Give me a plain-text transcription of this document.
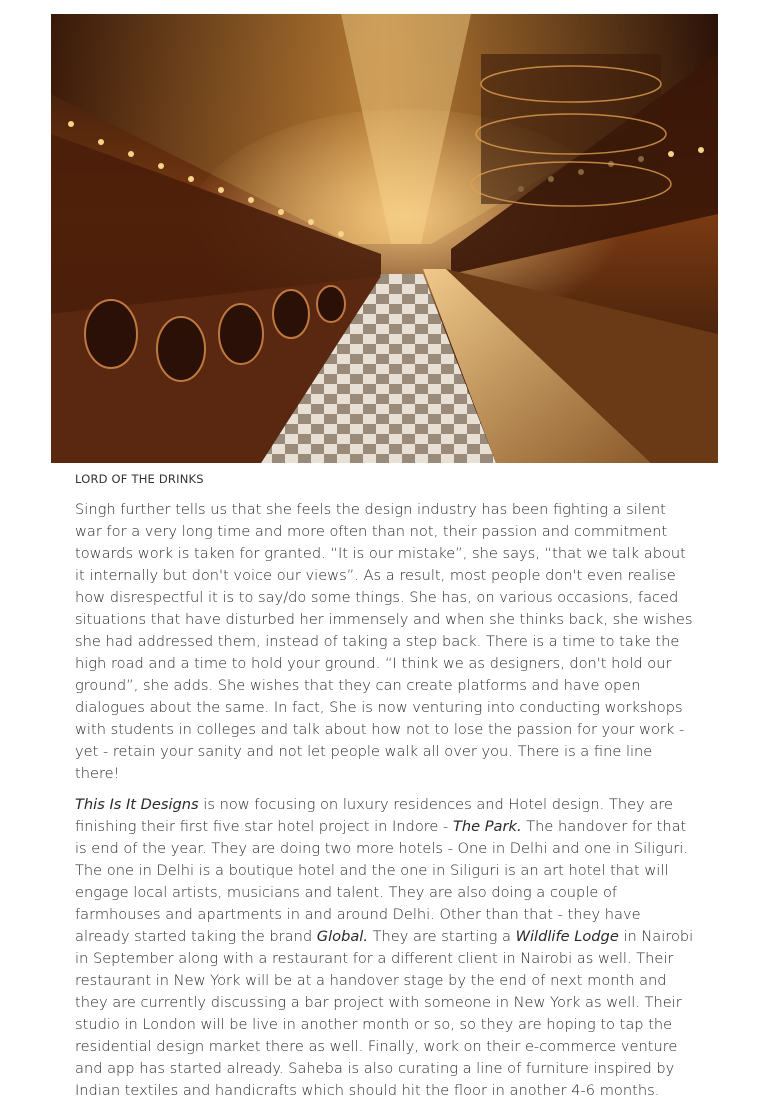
LORD OF THE DRINKS

Singh further tells us that she feels the design industry has been fighting a silent war for a very long time and more often than not, their passion and commitment towards work is taken for granted. “It is our mistake”, she says, “that we talk about it internally but don't voice our views”. As a result, most people don't even realise how disrespectful it is to say/do some things. She has, on various occasions, faced situations that have disturbed her immensely and when she thinks back, she wishes she had addressed them, instead of taking a step back. There is a time to take the high road and a time to hold your ground. “I think we as designers, don't hold our ground”, she adds. She wishes that they can create platforms and have open dialogues about the same. In fact, She is now venturing into conducting workshops with students in colleges and talk about how not to lose the passion for your work - yet - retain your sanity and not let people walk all over you. There is a fine line there!

This Is It Designs is now focusing on luxury residences and Hotel design. They are finishing their first five star hotel project in Indore - The Park. The handover for that is end of the year. They are doing two more hotels - One in Delhi and one in Siliguri. The one in Delhi is a boutique hotel and the one in Siliguri is an art hotel that will engage local artists, musicians and talent. They are also doing a couple of farmhouses and apartments in and around Delhi. Other than that - they have already started taking the brand Global. They are starting a Wildlife Lodge in Nairobi in September along with a restaurant for a different client in Nairobi as well. Their restaurant in New York will be at a handover stage by the end of next month and they are currently discussing a bar project with someone in New York as well. Their studio in London will be live in another month or so, so they are hoping to tap the residential design market there as well. Finally, work on their e-commerce venture and app has started already. Saheba is also curating a line of furniture inspired by Indian textiles and handicrafts which should hit the floor in another 4-6 months.
